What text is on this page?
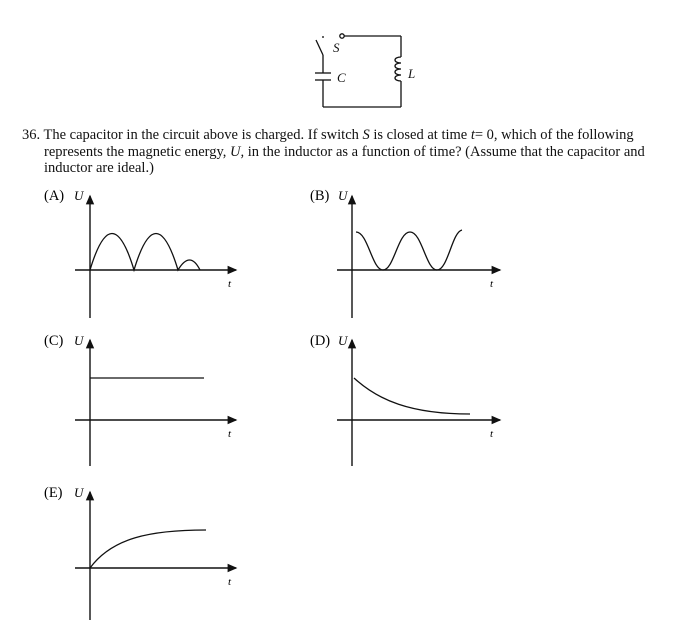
S
C	L
36. The capacitor in the circuit above is charged. If switch S is closed at time t= 0, which of the following
represents the magnetic energy, U, in the inductor as a function of time? (Assume that the capacitor and
inductor are ideal.)
(A) U
t
(B) U
t
(C) U
t
(D) U
t
(E) U
t
